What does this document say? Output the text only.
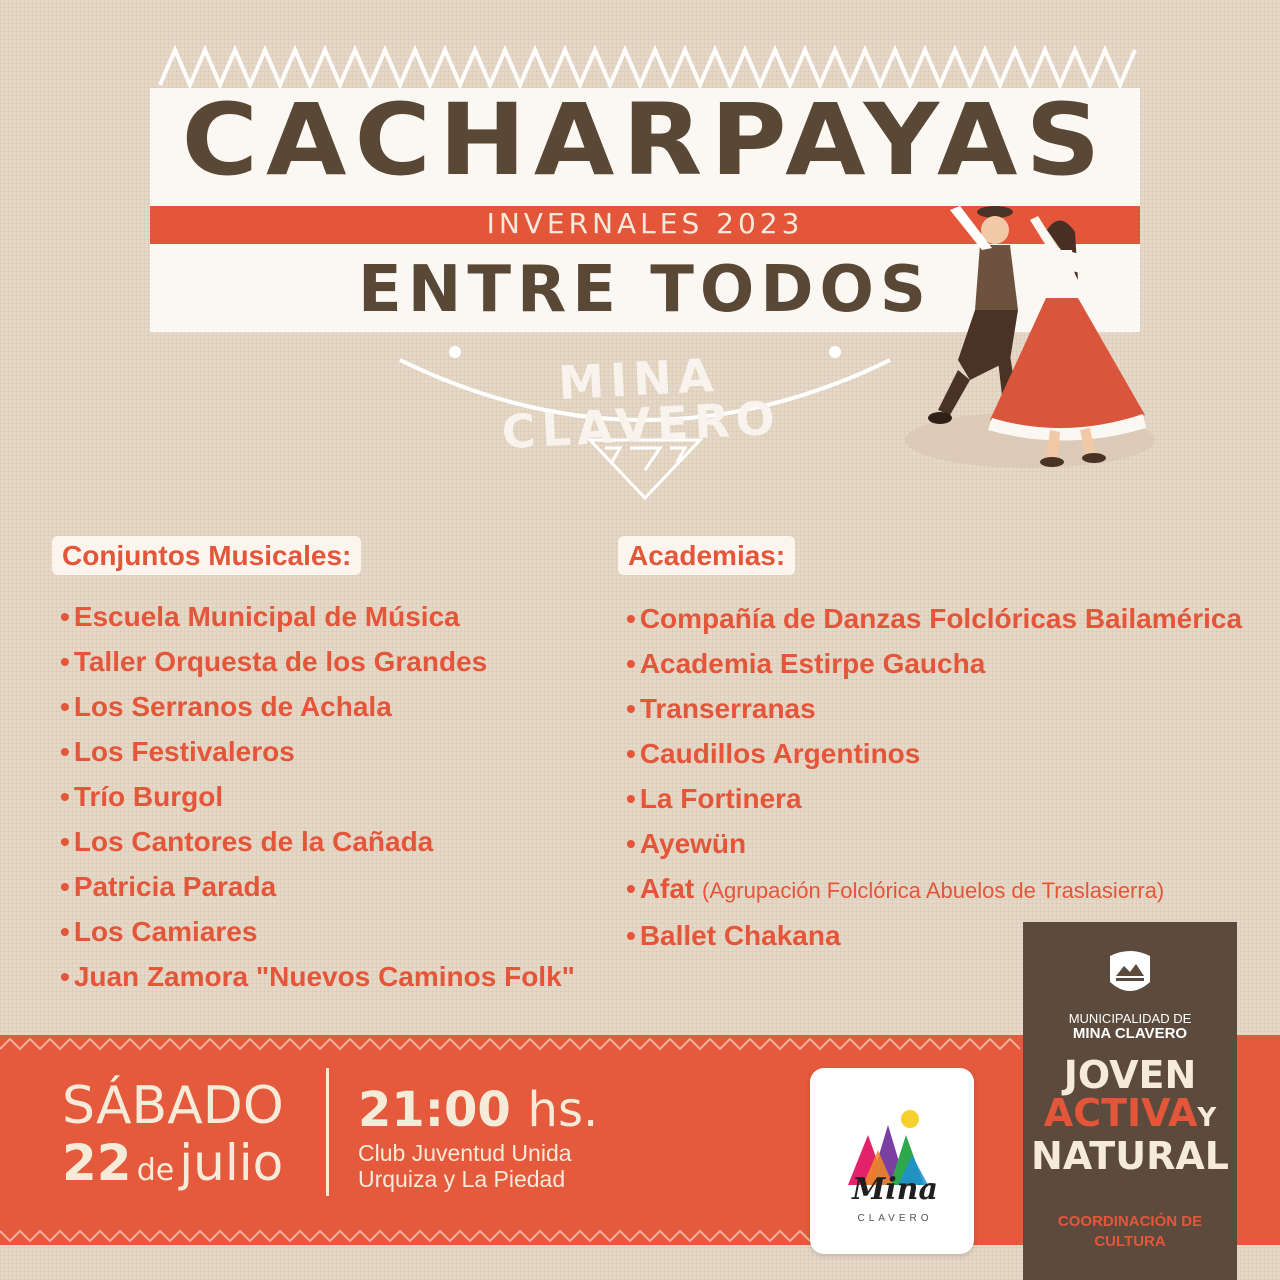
CACHARPAYAS
INVERNALES 2023
ENTRE TODOS
MINA CLAVERO
Conjuntos Musicales:
• Escuela Municipal de Música
• Taller Orquesta de los Grandes
• Los Serranos de Achala
• Los Festivaleros
• Trío Burgol
• Los Cantores de la Cañada
• Patricia Parada
• Los Camiares
• Juan Zamora "Nuevos Caminos Folk"
Academias:
• Compañía de Danzas Folclóricas Bailamérica
• Academia Estirpe Gaucha
• Transerranas
• Caudillos Argentinos
• La Fortinera
• Ayewün
• Afat (Agrupación Folclórica Abuelos de Traslasierra)
• Ballet Chakana
SÁBADO
22 de julio
21:00 hs.
Club Juventud Unida
Urquiza y La Piedad	Mina
CLAVERO
MUNICIPALIDAD DE
MINA CLAVERO
JOVEN
ACTIVAY
NATURAL
COORDINACIÓN DE
CULTURA
